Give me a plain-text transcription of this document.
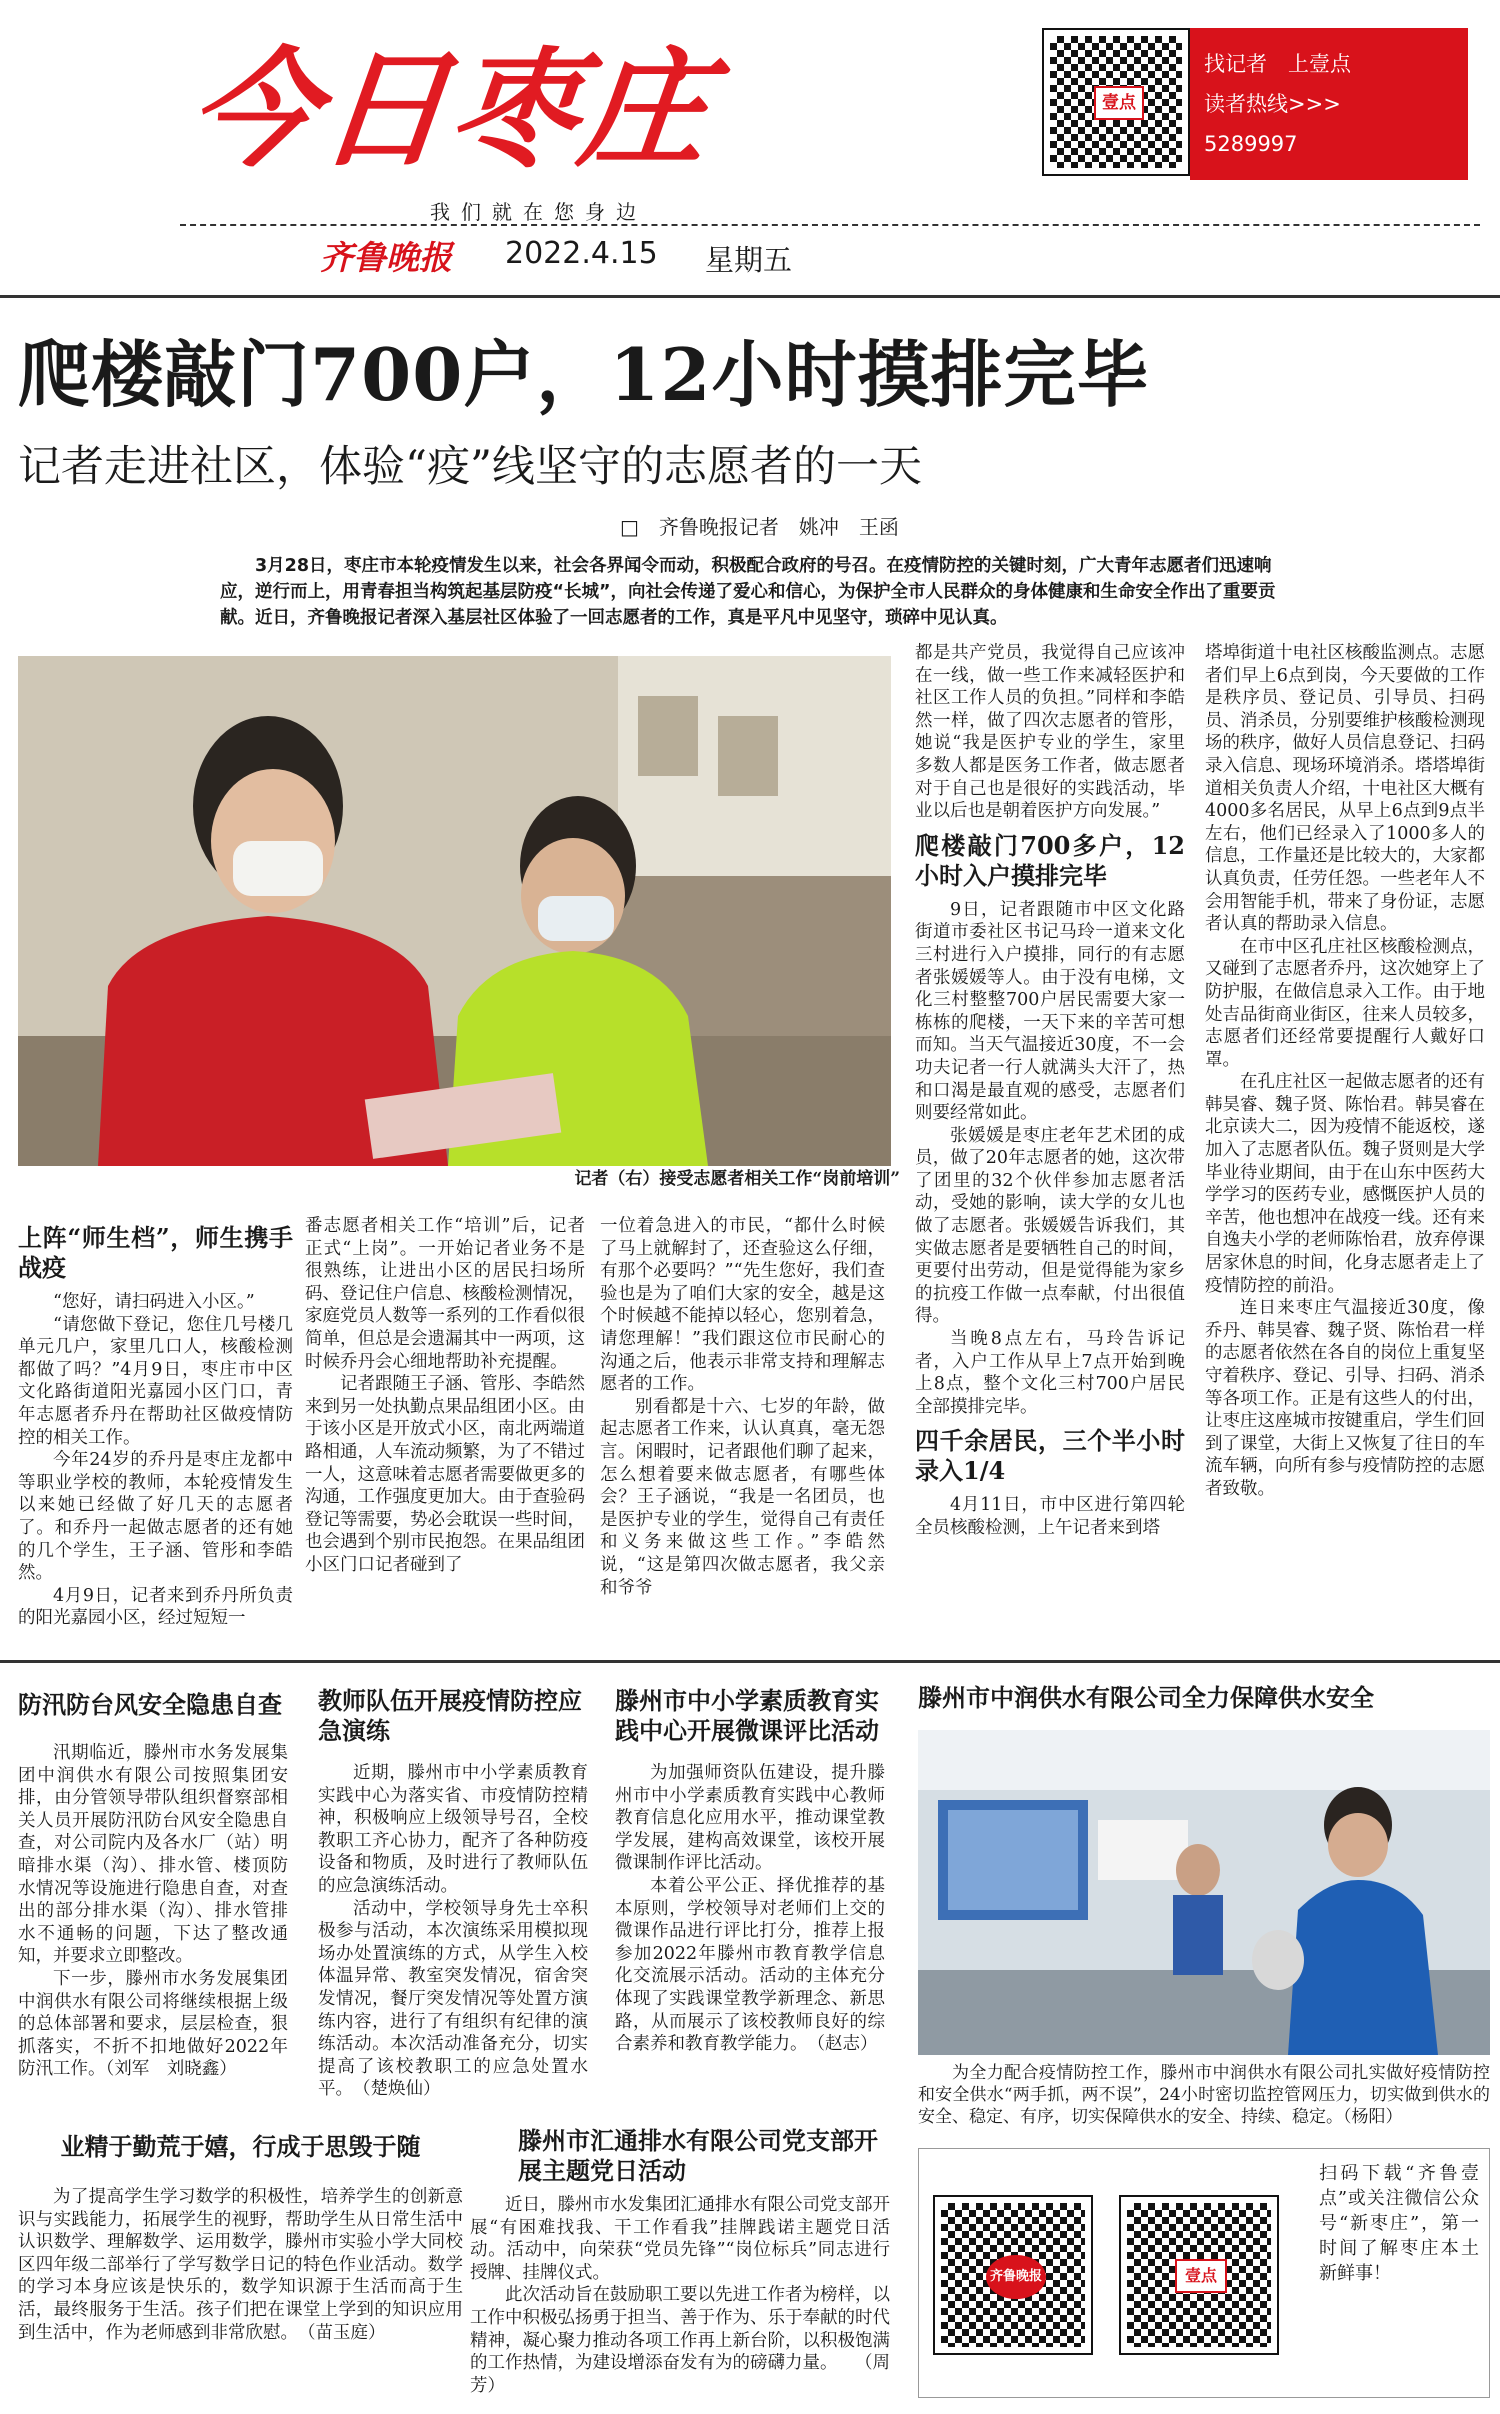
今日枣庄
我们就在您身边
壹点
找记者　上壹点
读者热线>>>
5289997
齐鲁晚报	2022.4.15 星期五
爬楼敲门700户，12小时摸排完毕
记者走进社区，体验“疫”线坚守的志愿者的一天
□　齐鲁晚报记者　姚冲　王函
3月28日，枣庄市本轮疫情发生以来，社会各界闻令而动，积极配合政府的号召。在疫情防控的关键时刻，广大青年志愿者们迅速响应，逆行而上，用青春担当构筑起基层防疫“长城”，向社会传递了爱心和信心，为保护全市人民群众的身体健康和生命安全作出了重要贡献。近日，齐鲁晚报记者深入基层社区体验了一回志愿者的工作，真是平凡中见坚守，琐碎中见认真。
记者（右）接受志愿者相关工作“岗前培训”
上阵“师生档”，师生携手战疫

“您好，请扫码进入小区。”

“请您做下登记，您住几号楼几单元几户，家里几口人，核酸检测都做了吗？”4月9日，枣庄市中区文化路街道阳光嘉园小区门口，青年志愿者乔丹在帮助社区做疫情防控的相关工作。

今年24岁的乔丹是枣庄龙都中等职业学校的教师，本轮疫情发生以来她已经做了好几天的志愿者了。和乔丹一起做志愿者的还有她的几个学生，王子涵、管彤和李皓然。

4月9日，记者来到乔丹所负责的阳光嘉园小区，经过短短一

番志愿者相关工作“培训”后，记者正式“上岗”。一开始记者业务不是很熟练，让进出小区的居民扫场所码、登记住户信息、核酸检测情况，家庭党员人数等一系列的工作看似很简单，但总是会遗漏其中一两项，这时候乔丹会心细地帮助补充提醒。

记者跟随王子涵、管彤、李皓然来到另一处执勤点果品组团小区。由于该小区是开放式小区，南北两端道路相通，人车流动频繁，为了不错过一人，这意味着志愿者需要做更多的沟通，工作强度更加大。由于查验码登记等需要，势必会耽误一些时间，也会遇到个别市民抱怨。在果品组团小区门口记者碰到了

一位着急进入的市民，“都什么时候了马上就解封了，还查验这么仔细，有那个必要吗？”“先生您好，我们查验也是为了咱们大家的安全，越是这个时候越不能掉以轻心，您别着急，请您理解！”我们跟这位市民耐心的沟通之后，他表示非常支持和理解志愿者的工作。

别看都是十六、七岁的年龄，做起志愿者工作来，认认真真，毫无怨言。闲暇时，记者跟他们聊了起来，怎么想着要来做志愿者，有哪些体会？王子涵说，“我是一名团员，也是医护专业的学生，觉得自己有责任和义务来做这些工作。”李皓然说，“这是第四次做志愿者，我父亲和爷爷

都是共产党员，我觉得自己应该冲在一线，做一些工作来减轻医护和社区工作人员的负担。”同样和李皓然一样，做了四次志愿者的管彤，她说“我是医护专业的学生，家里多数人都是医务工作者，做志愿者对于自己也是很好的实践活动，毕业以后也是朝着医护方向发展。”

爬楼敲门700多户，12小时入户摸排完毕

9日，记者跟随市中区文化路街道市委社区书记马玲一道来文化三村进行入户摸排，同行的有志愿者张媛媛等人。由于没有电梯，文化三村整整700户居民需要大家一栋栋的爬楼，一天下来的辛苦可想而知。当天气温接近30度，不一会功夫记者一行人就满头大汗了，热和口渴是最直观的感受，志愿者们则要经常如此。

张媛媛是枣庄老年艺术团的成员，做了20年志愿者的她，这次带了团里的32个伙伴参加志愿者活动，受她的影响，读大学的女儿也做了志愿者。张媛媛告诉我们，其实做志愿者是要牺牲自己的时间，更要付出劳动，但是觉得能为家乡的抗疫工作做一点奉献，付出很值得。

当晚8点左右，马玲告诉记者，入户工作从早上7点开始到晚上8点，整个文化三村700户居民全部摸排完毕。

四千余居民，三个半小时录入1/4

4月11日，市中区进行第四轮全员核酸检测，上午记者来到塔

塔埠街道十电社区核酸监测点。志愿者们早上6点到岗，今天要做的工作是秩序员、登记员、引导员、扫码员、消杀员，分别要维护核酸检测现场的秩序，做好人员信息登记、扫码录入信息、现场环境消杀。塔塔埠街道相关负责人介绍，十电社区大概有4000多名居民，从早上6点到9点半左右，他们已经录入了1000多人的信息，工作量还是比较大的，大家都认真负责，任劳任怨。一些老年人不会用智能手机，带来了身份证，志愿者认真的帮助录入信息。

在市中区孔庄社区核酸检测点，又碰到了志愿者乔丹，这次她穿上了防护服，在做信息录入工作。由于地处吉品街商业街区，往来人员较多，志愿者们还经常要提醒行人戴好口罩。

在孔庄社区一起做志愿者的还有韩昊睿、魏子贤、陈怡君。韩昊睿在北京读大二，因为疫情不能返校，遂加入了志愿者队伍。魏子贤则是大学毕业待业期间，由于在山东中医药大学学习的医药专业，感慨医护人员的辛苦，他也想冲在战疫一线。还有来自逸夫小学的老师陈怡君，放弃停课居家休息的时间，化身志愿者走上了疫情防控的前沿。

连日来枣庄气温接近30度，像乔丹、韩昊睿、魏子贤、陈怡君一样的志愿者依然在各自的岗位上重复坚守着秩序、登记、引导、扫码、消杀等各项工作。正是有这些人的付出，让枣庄这座城市按键重启，学生们回到了课堂，大街上又恢复了往日的车流车辆，向所有参与疫情防控的志愿者致敬。

防汛防台风安全隐患自查

汛期临近，滕州市水务发展集团中润供水有限公司按照集团安排，由分管领导带队组织督察部相关人员开展防汛防台风安全隐患自查，对公司院内及各水厂（站）明暗排水渠（沟）、排水管、楼顶防水情况等设施进行隐患自查，对查出的部分排水渠（沟）、排水管排水不通畅的问题，下达了整改通知，并要求立即整改。

下一步，滕州市水务发展集团中润供水有限公司将继续根据上级的总体部署和要求，层层检查，狠抓落实，不折不扣地做好2022年防汛工作。（刘军　刘晓鑫）

教师队伍开展疫情防控应急演练

近期，滕州市中小学素质教育实践中心为落实省、市疫情防控精神，积极响应上级领导号召，全校教职工齐心协力，配齐了各种防疫设备和物质，及时进行了教师队伍的应急演练活动。

活动中，学校领导身先士卒积极参与活动，本次演练采用模拟现场办处置演练的方式，从学生入校体温异常、教室突发情况，宿舍突发情况，餐厅突发情况等处置方演练内容，进行了有组织有纪律的演练活动。本次活动准备充分，切实提高了该校教职工的应急处置水平。　（楚焕仙）

滕州市中小学素质教育实践中心开展微课评比活动

为加强师资队伍建设，提升滕州市中小学素质教育实践中心教师教育信息化应用水平，推动课堂教学发展，建构高效课堂，该校开展微课制作评比活动。

本着公平公正、择优推荐的基本原则，学校领导对老师们上交的微课作品进行评比打分，推荐上报参加2022年滕州市教育教学信息化交流展示活动。活动的主体充分体现了实践课堂教学新理念、新思路，从而展示了该校教师良好的综合素养和教育教学能力。　（赵志）

滕州市中润供水有限公司全力保障供水安全

为全力配合疫情防控工作，滕州市中润供水有限公司扎实做好疫情防控和安全供水“两手抓，两不误”，24小时密切监控管网压力，切实做到供水的安全、稳定、有序，切实保障供水的安全、持续、稳定。（杨阳）

业精于勤荒于嬉，行成于思毁于随

为了提高学生学习数学的积极性，培养学生的创新意识与实践能力，拓展学生的视野，帮助学生从日常生活中认识数学、理解数学、运用数学，滕州市实验小学大同校区四年级二部举行了学写数学日记的特色作业活动。数学的学习本身应该是快乐的，数学知识源于生活而高于生活，最终服务于生活。孩子们把在课堂上学到的知识应用到生活中，作为老师感到非常欣慰。　（苗玉庭）

滕州市汇通排水有限公司党支部开展主题党日活动

近日，滕州市水发集团汇通排水有限公司党支部开展“有困难找我、干工作看我”挂牌践诺主题党日活动。活动中，向荣获“党员先锋”“岗位标兵”同志进行授牌、挂牌仪式。

此次活动旨在鼓励职工要以先进工作者为榜样，以工作中积极弘扬勇于担当、善于作为、乐于奉献的时代精神，凝心聚力推动各项工作再上新台阶，以积极饱满的工作热情，为建设增添奋发有为的磅礴力量。　　（周芳）

齐鲁晚报	壹点
扫码下载“齐鲁壹点”或关注微信公众号“新枣庄”，第一时间了解枣庄本土新鲜事！
